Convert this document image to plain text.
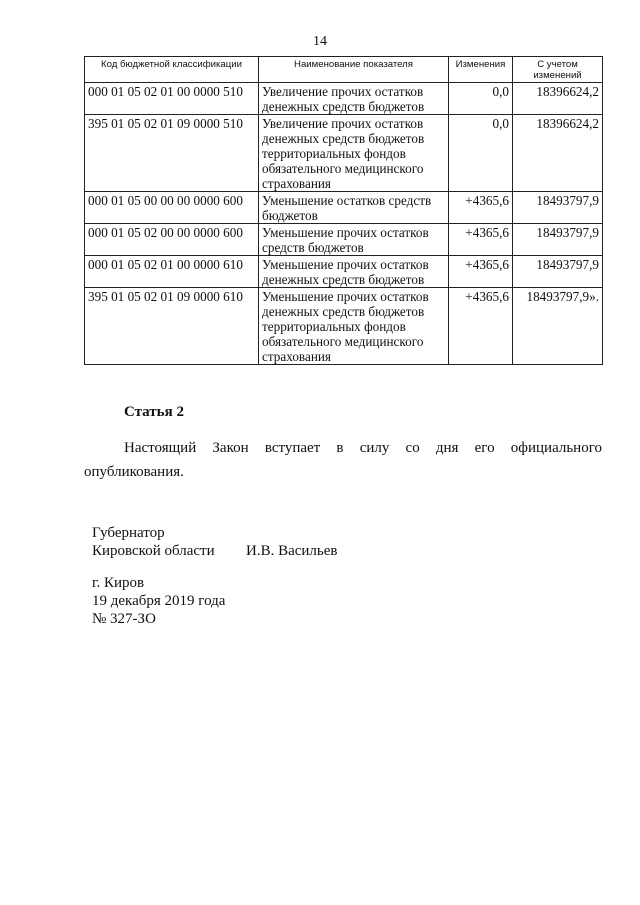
14
Код бюджетной классификации	Наименование показателя	Изменения	С учетом изменений
000 01 05 02 01 00 0000 510	Увеличение прочих остатков денежных средств бюджетов	0,0	18396624,2
395 01 05 02 01 09 0000 510	Увеличение прочих остатков денежных средств бюджетов территориальных фондов обязательного медицинского страхования	0,0	18396624,2
000 01 05 00 00 00 0000 600	Уменьшение остатков средств бюджетов	+4365,6	18493797,9
000 01 05 02 00 00 0000 600	Уменьшение прочих остатков средств бюджетов	+4365,6	18493797,9
000 01 05 02 01 00 0000 610	Уменьшение прочих остатков денежных средств бюджетов	+4365,6	18493797,9
395 01 05 02 01 09 0000 610	Уменьшение прочих остатков денежных средств бюджетов территориальных фондов обязательного медицинского страхования	+4365,6	18493797,9».
Статья 2
Настоящий Закон вступает в силу со дня его официального опубликования.
Губернатор
Кировской области И.В. Васильев
г. Киров
19 декабря 2019 года
№ 327-ЗО
